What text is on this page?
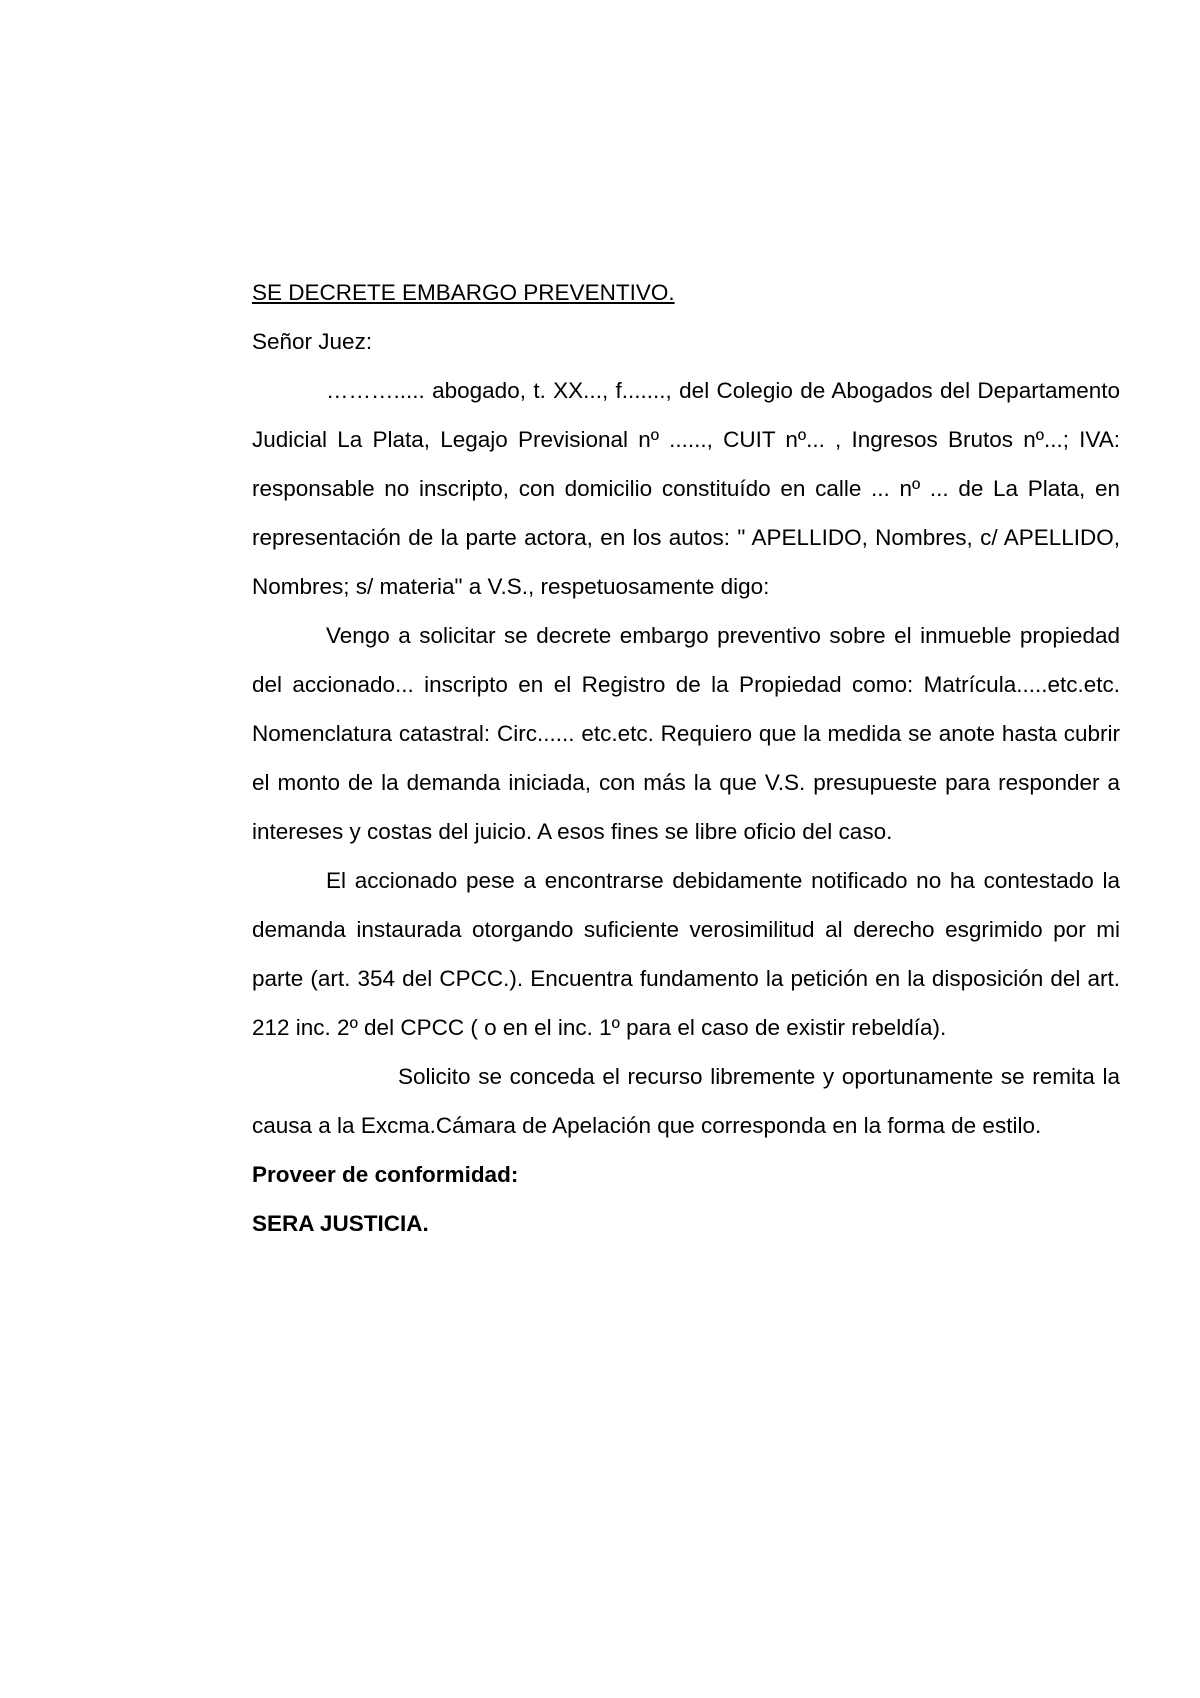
SE DECRETE EMBARGO PREVENTIVO.

Señor Juez:

………..... abogado, t. XX..., f......., del Colegio de Abogados del Departamento Judicial La Plata, Legajo Previsional nº ......, CUIT nº... , Ingresos Brutos nº...; IVA: responsable no inscripto, con domicilio constituído en calle ... nº ... de La Plata, en representación de la parte actora, en los autos: " APELLIDO, Nombres, c/ APELLIDO, Nombres; s/ materia" a V.S., respetuosamente digo:

Vengo a solicitar se decrete embargo preventivo sobre el inmueble propiedad del accionado... inscripto en el Registro de la Propiedad como: Matrícula.....etc.etc. Nomenclatura catastral: Circ...... etc.etc. Requiero que la medida se anote hasta cubrir el monto de la demanda iniciada, con más la que V.S. presupueste para responder a intereses y costas del juicio. A esos fines se libre oficio del caso.

El accionado pese a encontrarse debidamente notificado no ha contestado la demanda instaurada otorgando suficiente verosimilitud al derecho esgrimido por mi parte (art. 354 del CPCC.). Encuentra fundamento la petición en la disposición del art. 212 inc. 2º del CPCC ( o en el inc. 1º para el caso de existir rebeldía).

Solicito se conceda el recurso libremente y oportunamente se remita la causa a la Excma.Cámara de Apelación que corresponda en la forma de estilo.

Proveer de conformidad:

SERA JUSTICIA.
